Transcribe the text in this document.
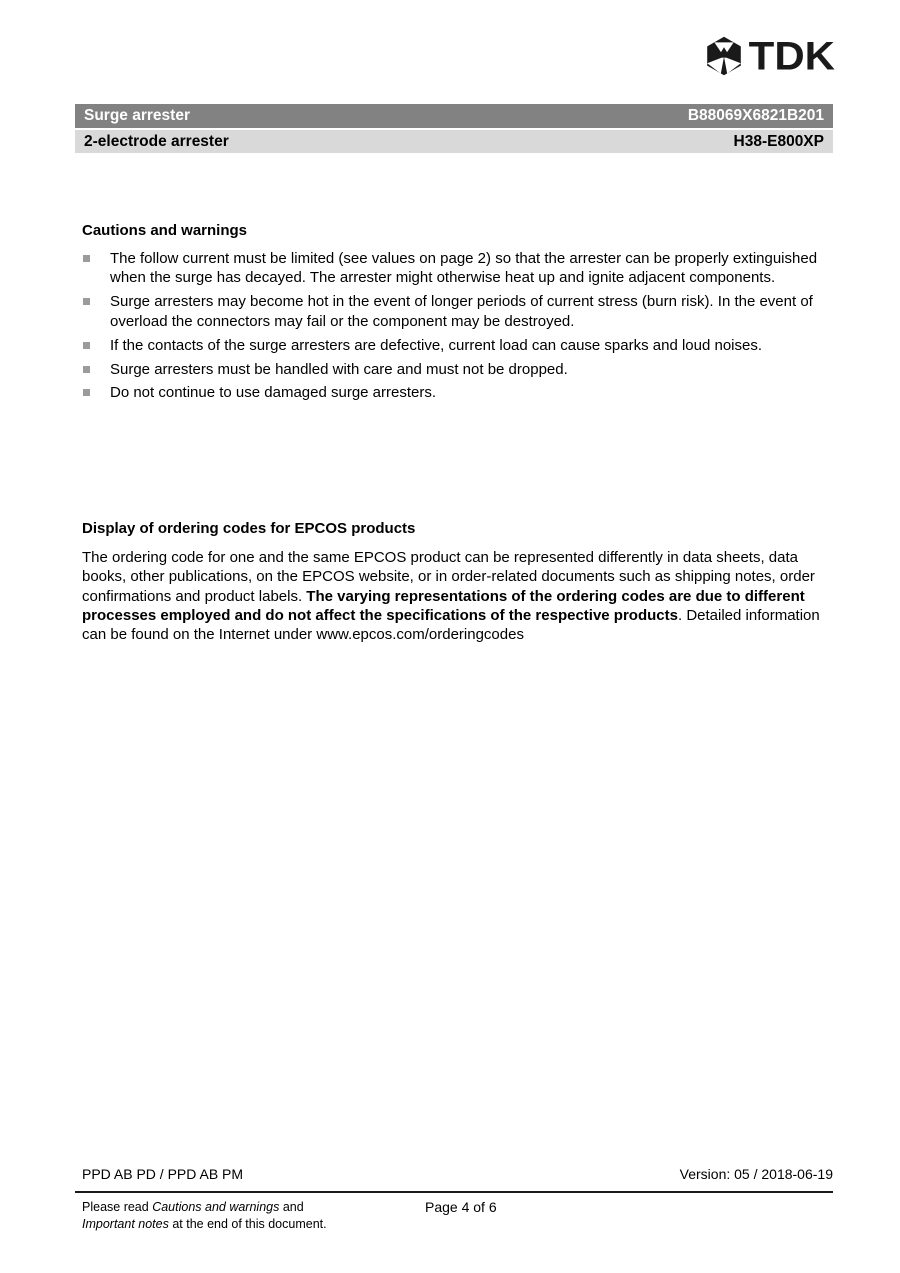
TDK
Surge arrester	B88069X6821B201
2-electrode arrester	H38-E800XP
Cautions and warnings
The follow current must be limited (see values on page 2) so that the arrester can be properly extinguished when the surge has decayed. The arrester might otherwise heat up and ignite adjacent components.
Surge arresters may become hot in the event of longer periods of current stress (burn risk). In the event of overload the connectors may fail or the component may be destroyed.
If the contacts of the surge arresters are defective, current load can cause sparks and loud noises.
Surge arresters must be handled with care and must not be dropped.
Do not continue to use damaged surge arresters.
Display of ordering codes for EPCOS products

The ordering code for one and the same EPCOS product can be represented differently in data sheets, data books, other publications, on the EPCOS website, or in order-related documents such as shipping notes, order confirmations and product labels. The varying representations of the ordering codes are due to different processes employed and do not affect the specifications of the respective products. Detailed information can be found on the Internet under www.epcos.com/orderingcodes

PPD AB PD / PPD AB PM	Version: 05 / 2018-06-19
Please read Cautions and warnings and
Important notes at the end of this document.
Page 4 of 6
